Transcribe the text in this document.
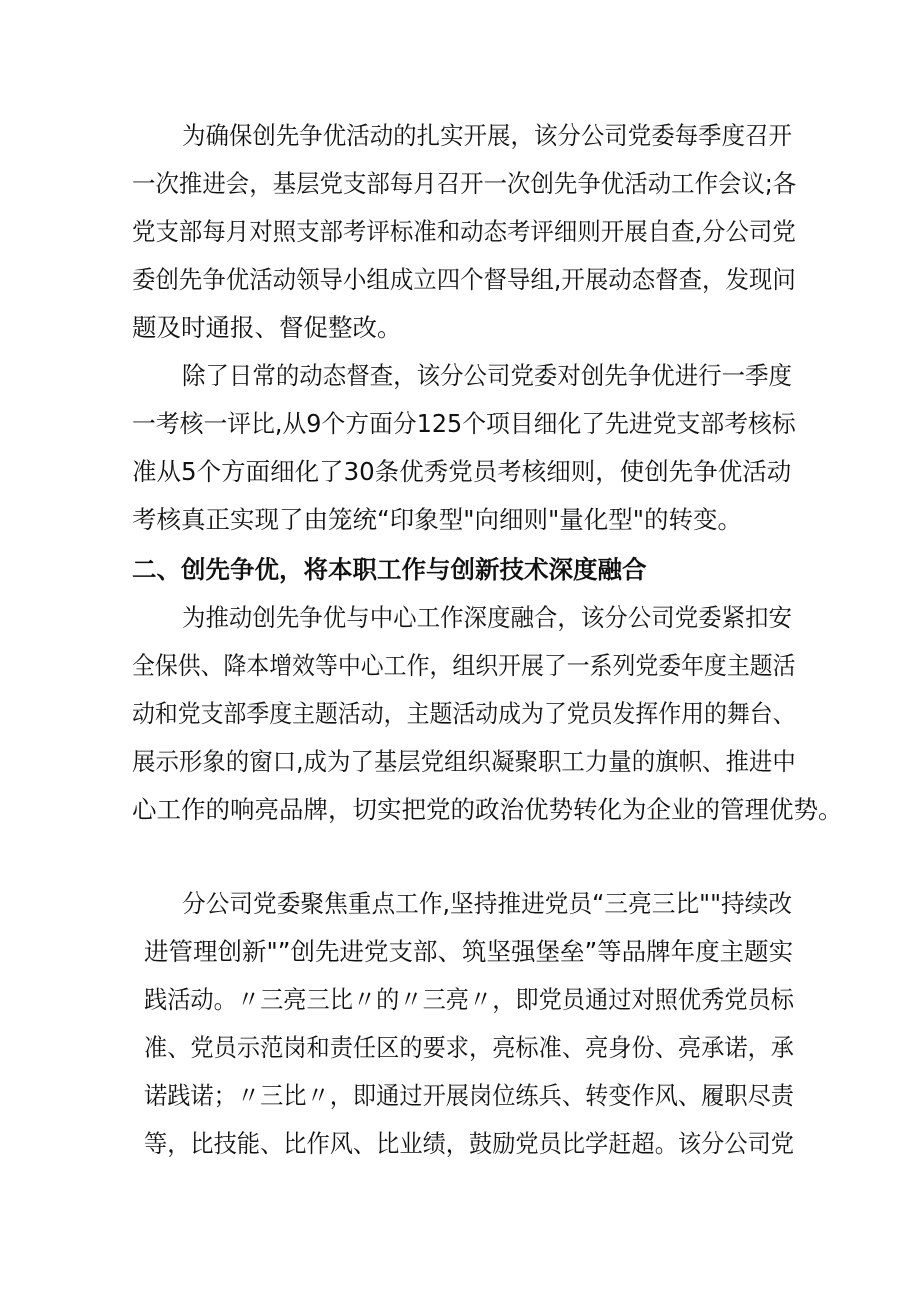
为确保创先争优活动的扎实开展，该分公司党委每季度召开
一次推进会，基层党支部每月召开一次创先争优活动工作会议;各
党支部每月对照支部考评标准和动态考评细则开展自查,分公司党
委创先争优活动领导小组成立四个督导组,开展动态督查，发现问
题及时通报、督促整改。
除了日常的动态督查，该分公司党委对创先争优进行一季度
一考核一评比,从9个方面分125个项目细化了先进党支部考核标
准从5个方面细化了30条优秀党员考核细则，使创先争优活动
考核真正实现了由笼统“印象型"向细则"量化型"的转变。
二、创先争优，将本职工作与创新技术深度融合
为推动创先争优与中心工作深度融合，该分公司党委紧扣安
全保供、降本增效等中心工作，组织开展了一系列党委年度主题活
动和党支部季度主题活动，主题活动成为了党员发挥作用的舞台、
展示形象的窗口,成为了基层党组织凝聚职工力量的旗帜、推进中
心工作的响亮品牌，切实把党的政治优势转化为企业的管理优势。
分公司党委聚焦重点工作,坚持推进党员“三亮三比""持续改
进管理创新"”创先进党支部、筑坚强堡垒”等品牌年度主题实
践活动。〃三亮三比〃的〃三亮〃，即党员通过对照优秀党员标
准、党员示范岗和责任区的要求，亮标准、亮身份、亮承诺，承
诺践诺；〃三比〃，即通过开展岗位练兵、转变作风、履职尽责
等，比技能、比作风、比业绩，鼓励党员比学赶超。该分公司党
